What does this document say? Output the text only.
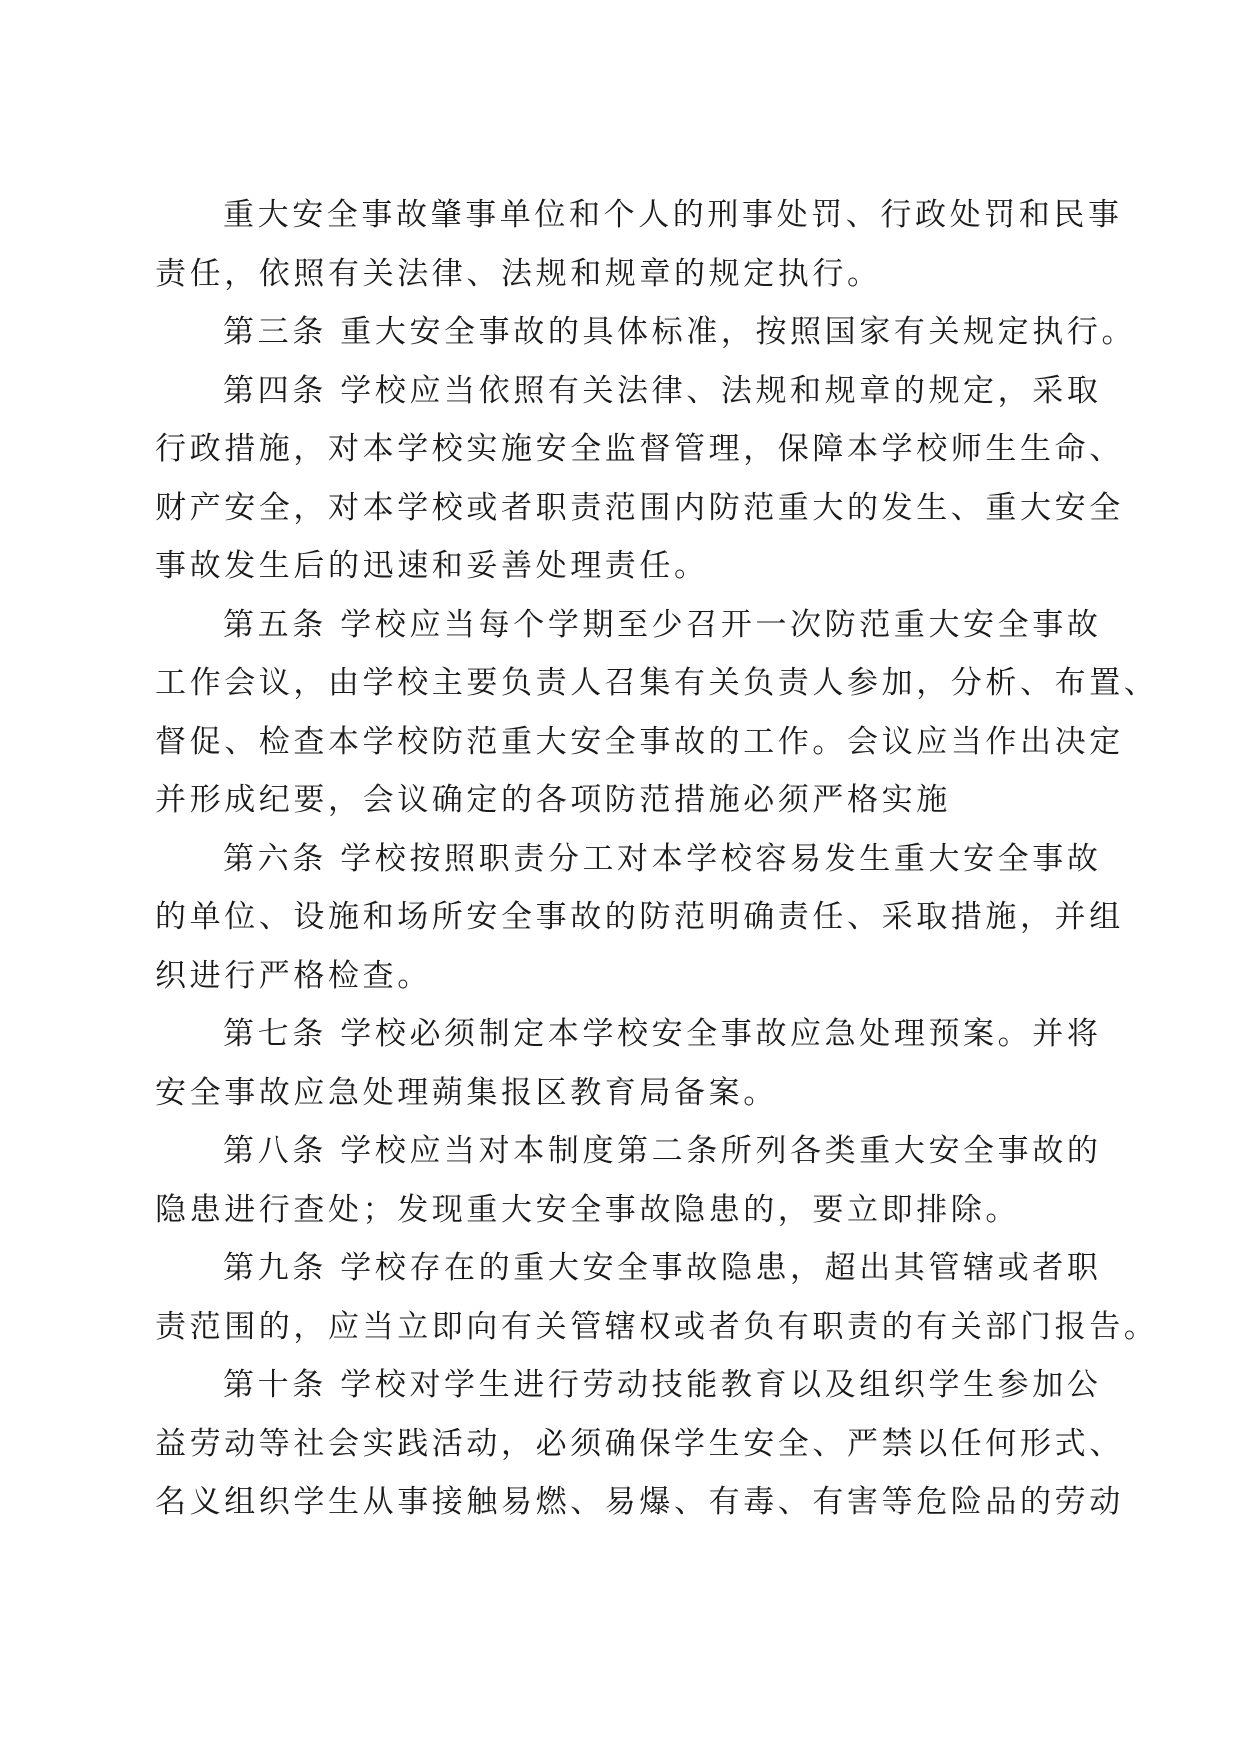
重大安全事故肇事单位和个人的刑事处罚、行政处罚和民事
责任，依照有关法律、法规和规章的规定执行。
第三条 重大安全事故的具体标准，按照国家有关规定执行。
第四条 学校应当依照有关法律、法规和规章的规定，采取
行政措施，对本学校实施安全监督管理，保障本学校师生生命、
财产安全，对本学校或者职责范围内防范重大的发生、重大安全
事故发生后的迅速和妥善处理责任。
第五条 学校应当每个学期至少召开一次防范重大安全事故
工作会议，由学校主要负责人召集有关负责人参加，分析、布置、
督促、检查本学校防范重大安全事故的工作。会议应当作出决定
并形成纪要，会议确定的各项防范措施必须严格实施
第六条 学校按照职责分工对本学校容易发生重大安全事故
的单位、设施和场所安全事故的防范明确责任、采取措施，并组
织进行严格检查。
第七条 学校必须制定本学校安全事故应急处理预案。并将
安全事故应急处理蒴集报区教育局备案。
第八条 学校应当对本制度第二条所列各类重大安全事故的
隐患进行查处；发现重大安全事故隐患的，要立即排除。
第九条 学校存在的重大安全事故隐患，超出其管辖或者职
责范围的，应当立即向有关管辖权或者负有职责的有关部门报告。
第十条 学校对学生进行劳动技能教育以及组织学生参加公
益劳动等社会实践活动，必须确保学生安全、严禁以任何形式、
名义组织学生从事接触易燃、易爆、有毒、有害等危险品的劳动
